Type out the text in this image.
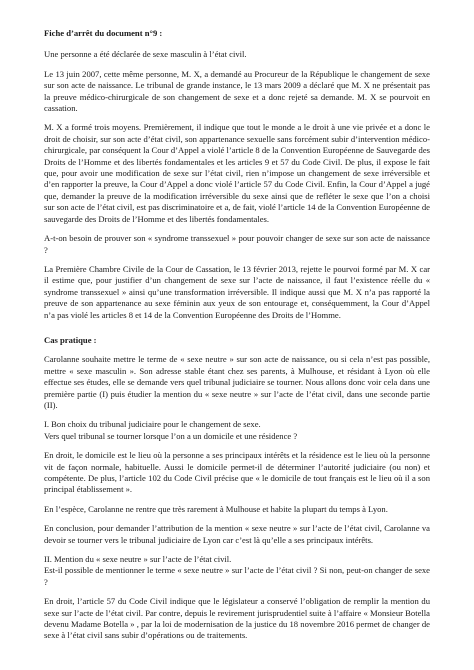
Fiche d’arrêt du document n°9 :

Une personne a été déclarée de sexe masculin à l’état civil.

Le 13 juin 2007, cette même personne, M. X, a demandé au Procureur de la République le changement de sexe sur son acte de naissance. Le tribunal de grande instance, le 13 mars 2009 a déclaré que M. X ne présentait pas la preuve médico-chirurgicale de son changement de sexe et a donc rejeté sa demande. M. X se pourvoit en cassation.

M. X a formé trois moyens. Premièrement, il indique que tout le monde a le droit à une vie privée et a donc le droit de choisir, sur son acte d’état civil, son appartenance sexuelle sans forcément subir d’intervention médico-chirurgicale, par conséquent la Cour d’Appel a violé l’article 8 de la Convention Européenne de Sauvegarde des Droits de l’Homme et des libertés fondamentales et les articles 9 et 57 du Code Civil. De plus, il expose le fait que, pour avoir une modification de sexe sur l’état civil, rien n’impose un changement de sexe irréversible et d’en rapporter la preuve, la Cour d’Appel a donc violé l’article 57 du Code Civil. Enfin, la Cour d’Appel a jugé que, demander la preuve de la modification irréversible du sexe ainsi que de refléter le sexe que l’on a choisi sur son acte de l’état civil, est pas discriminatoire et a, de fait, violé l’article 14 de la Convention Européenne de sauvegarde des Droits de l’Homme et des libertés fondamentales.

A-t-on besoin de prouver son « syndrome transsexuel » pour pouvoir changer de sexe sur son acte de naissance ?

La Première Chambre Civile de la Cour de Cassation, le 13 février 2013, rejette le pourvoi formé par M. X car il estime que, pour justifier d’un changement de sexe sur l’acte de naissance, il faut l’existence réelle du « syndrome transsexuel » ainsi qu’une transformation irréversible. Il indique aussi que M. X n’a pas rapporté la preuve de son appartenance au sexe féminin aux yeux de son entourage et, conséquemment, la Cour d’Appel n’a pas violé les articles 8 et 14 de la Convention Européenne des Droits de l’Homme.

Cas pratique :

Carolanne souhaite mettre le terme de « sexe neutre » sur son acte de naissance, ou si cela n’est pas possible, mettre « sexe masculin ». Son adresse stable étant chez ses parents, à Mulhouse, et résidant à Lyon où elle effectue ses études, elle se demande vers quel tribunal judiciaire se tourner. Nous allons donc voir cela dans une première partie (I) puis étudier la mention du « sexe neutre » sur l’acte de l’état civil, dans une seconde partie (II).

I. Bon choix du tribunal judiciaire pour le changement de sexe.

Vers quel tribunal se tourner lorsque l’on a un domicile et une résidence ?

En droit, le domicile est le lieu où la personne a ses principaux intérêts et la résidence est le lieu où la personne vit de façon normale, habituelle. Aussi le domicile permet-il de déterminer l’autorité judiciaire (ou non) et compétente. De plus, l’article 102 du Code Civil précise que « le domicile de tout français est le lieu où il a son principal établissement ».

En l’espèce, Carolanne ne rentre que très rarement à Mulhouse et habite la plupart du temps à Lyon.

En conclusion, pour demander l’attribution de la mention « sexe neutre » sur l’acte de l’état civil, Carolanne va devoir se tourner vers le tribunal judiciaire de Lyon car c’est là qu’elle a ses principaux intérêts.

II. Mention du « sexe neutre » sur l’acte de l’état civil.

Est-il possible de mentionner le terme « sexe neutre » sur l’acte de l’état civil ? Si non, peut-on changer de sexe ?

En droit, l’article 57 du Code Civil indique que le législateur a conservé l’obligation de remplir la mention du sexe sur l’acte de l’état civil. Par contre, depuis le revirement jurisprudentiel suite à l’affaire « Monsieur Botella devenu Madame Botella » , par la loi de modernisation de la justice du 18 novembre 2016 permet de changer de sexe à l’état civil sans subir d’opérations ou de traitements.
